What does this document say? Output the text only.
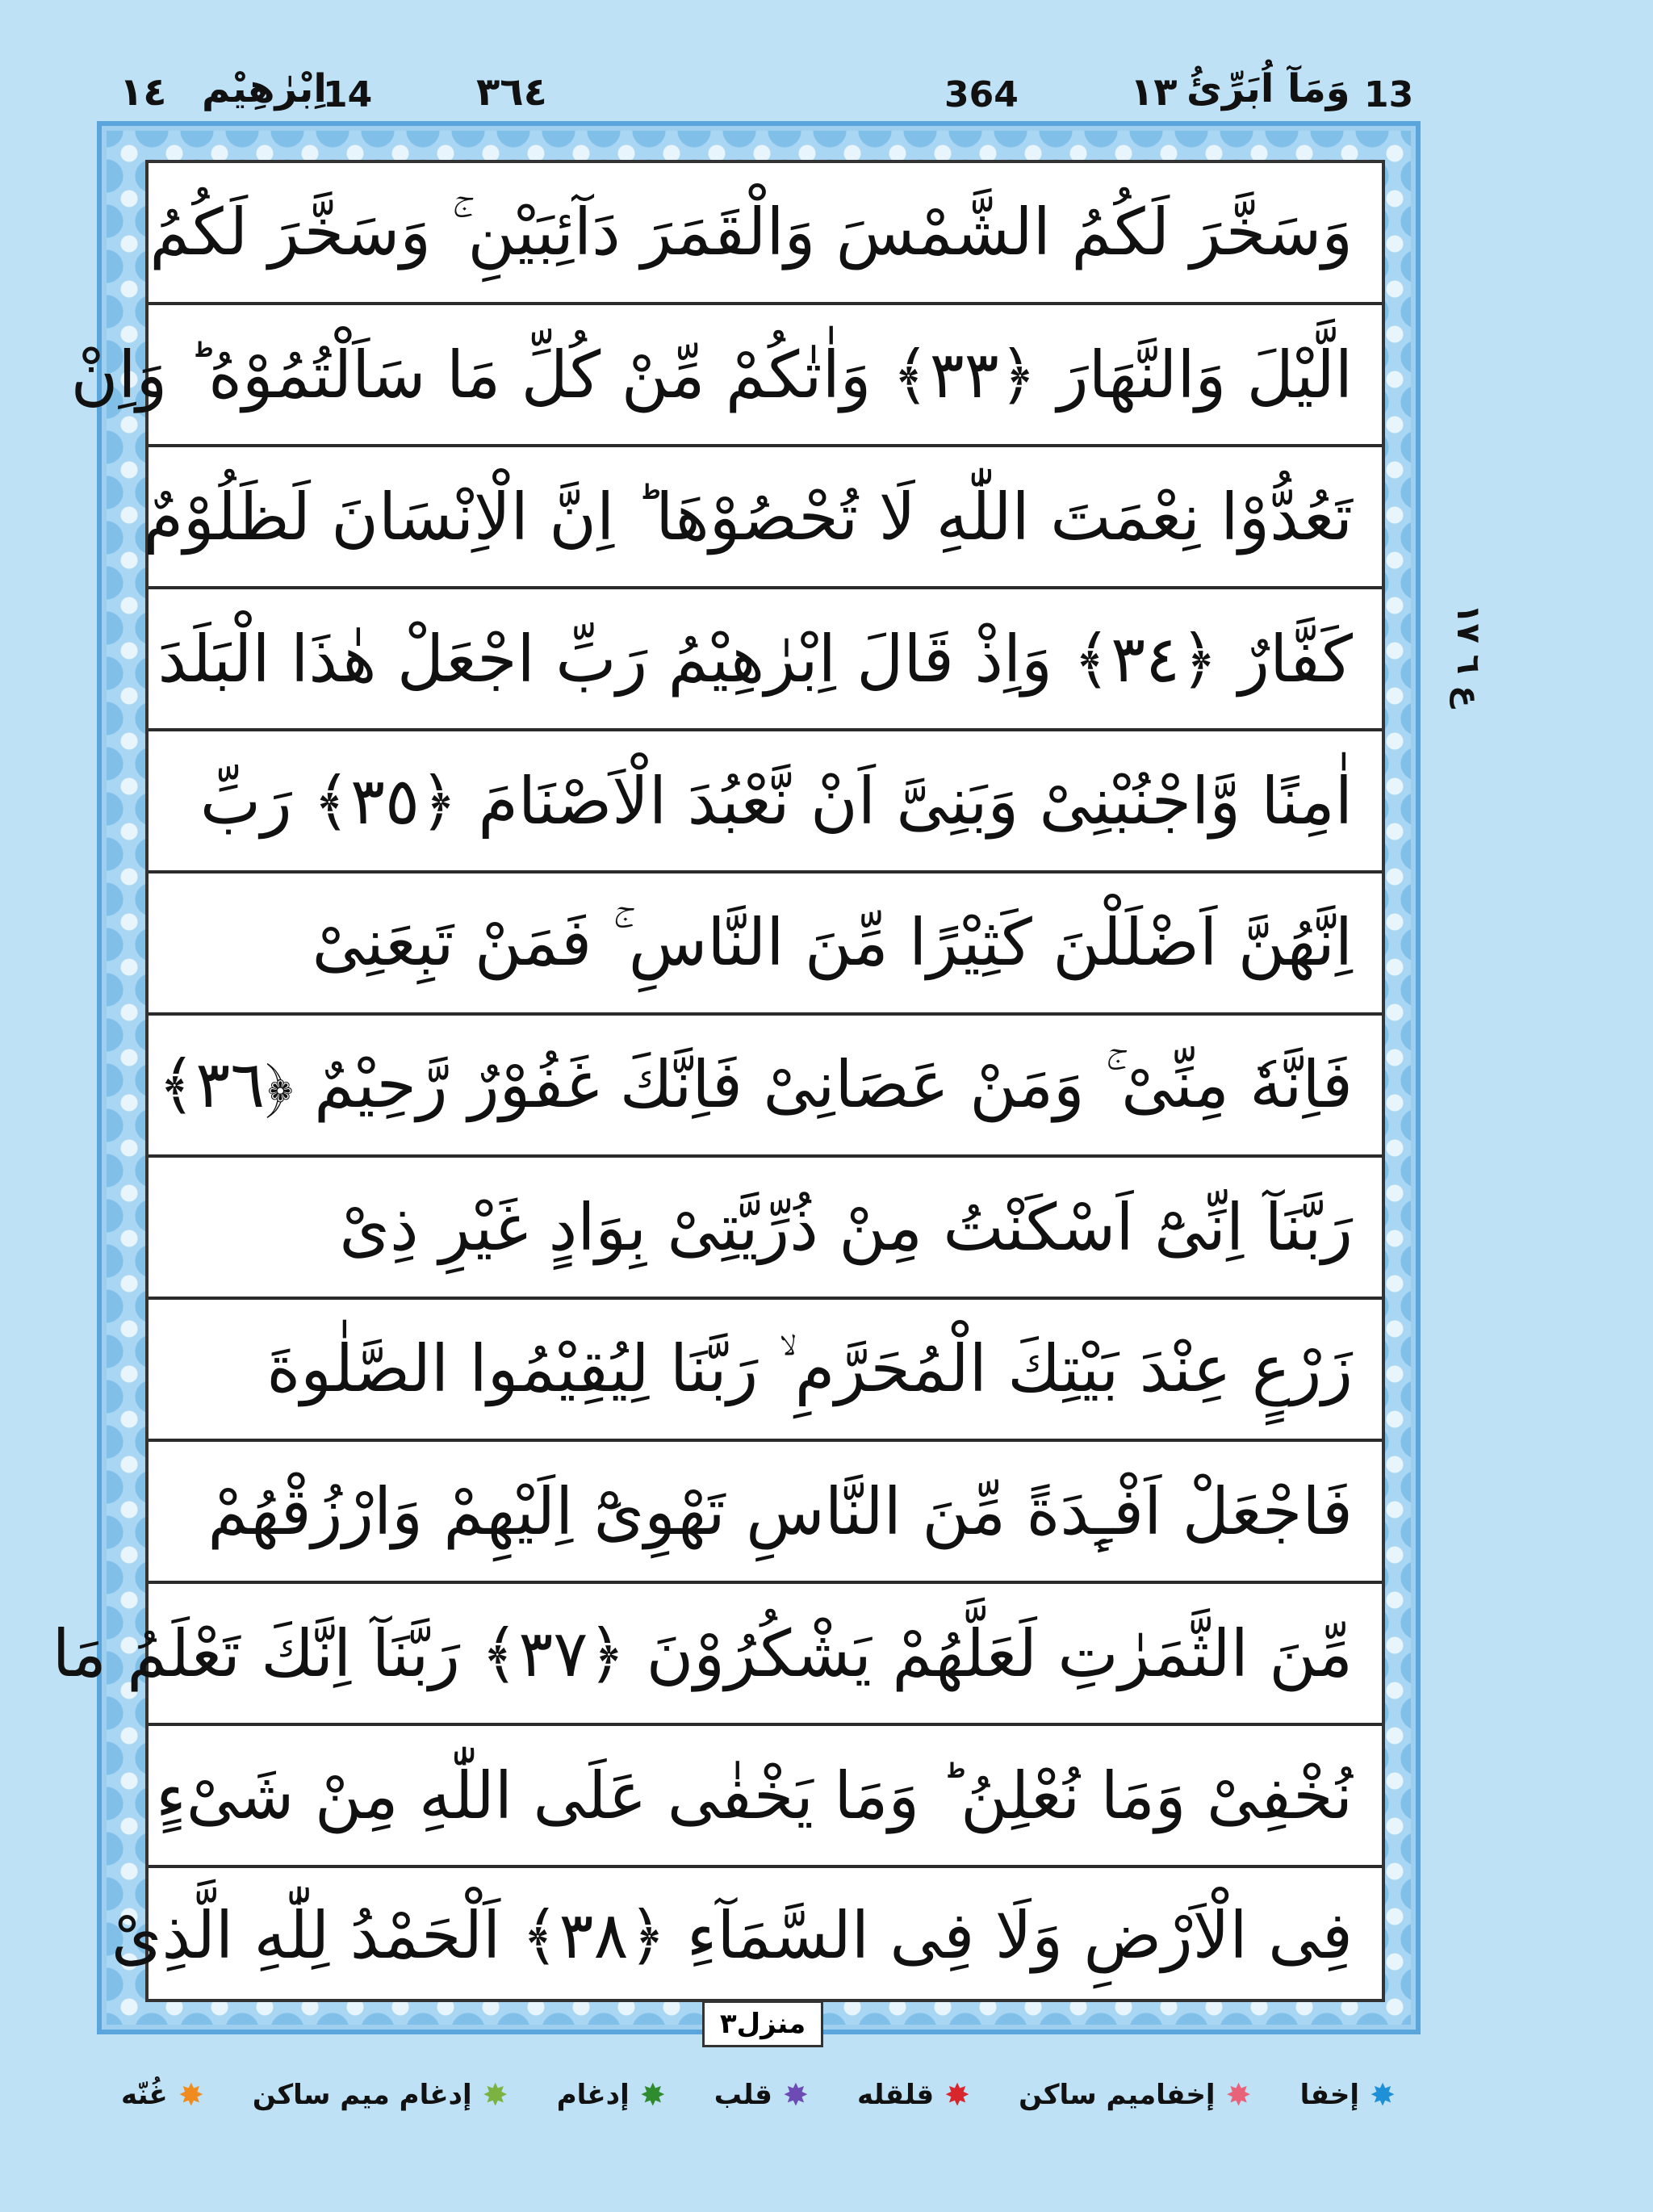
13
وَمَآ اُبَرِّئُ
١٣
364
٣٦٤
14
اِبْرٰهِيْم
١٤
وَسَخَّرَ لَكُمُ الشَّمْسَ وَالْقَمَرَ دَآئِبَيْنِ ۚ وَسَخَّرَ لَكُمُ
الَّيْلَ وَالنَّهَارَ ﴿٣٣﴾ وَاٰتٰكُمْ مِّنْ كُلِّ مَا سَاَلْتُمُوْهُ ؕ وَاِنْ
تَعُدُّوْا نِعْمَتَ اللّٰهِ لَا تُحْصُوْهَا ؕ اِنَّ الْاِنْسَانَ لَظَلُوْمٌ
كَفَّارٌ ﴿٣٤﴾ وَاِذْ قَالَ اِبْرٰهِيْمُ رَبِّ اجْعَلْ هٰذَا الْبَلَدَ
اٰمِنًا وَّاجْنُبْنِىْ وَبَنِىَّ اَنْ نَّعْبُدَ الْاَصْنَامَ ﴿٣٥﴾ رَبِّ
اِنَّهُنَّ اَضْلَلْنَ كَثِيْرًا مِّنَ النَّاسِ ۚ فَمَنْ تَبِعَنِىْ
فَاِنَّهٗ مِنِّىْ ۚ وَمَنْ عَصَانِىْ فَاِنَّكَ غَفُوْرٌ رَّحِيْمٌ ﴿٣٦﴾
رَبَّنَآ اِنِّىْٓ اَسْكَنْتُ مِنْ ذُرِّيَّتِىْ بِوَادٍ غَيْرِ ذِىْ
زَرْعٍ عِنْدَ بَيْتِكَ الْمُحَرَّمِ ۙ رَبَّنَا لِيُقِيْمُوا الصَّلٰوةَ
فَاجْعَلْ اَفْـِٕدَةً مِّنَ النَّاسِ تَهْوِىْٓ اِلَيْهِمْ وَارْزُقْهُمْ
مِّنَ الثَّمَرٰتِ لَعَلَّهُمْ يَشْكُرُوْنَ ﴿٣٧﴾ رَبَّنَآ اِنَّكَ تَعْلَمُ مَا
نُخْفِىْ وَمَا نُعْلِنُ ؕ وَمَا يَخْفٰى عَلَى اللّٰهِ مِنْ شَىْءٍ
فِى الْاَرْضِ وَلَا فِى السَّمَآءِ ﴿٣٨﴾ اَلْحَمْدُ لِلّٰهِ الَّذِىْ
ع ٦ ١٧
منزل٣
✸
إخفا
✸
إخفاميم ساكن
✸
قلقله
✸
قلب
✸
إدغام
✸
إدغام ميم ساكن
✸
غُنّه
